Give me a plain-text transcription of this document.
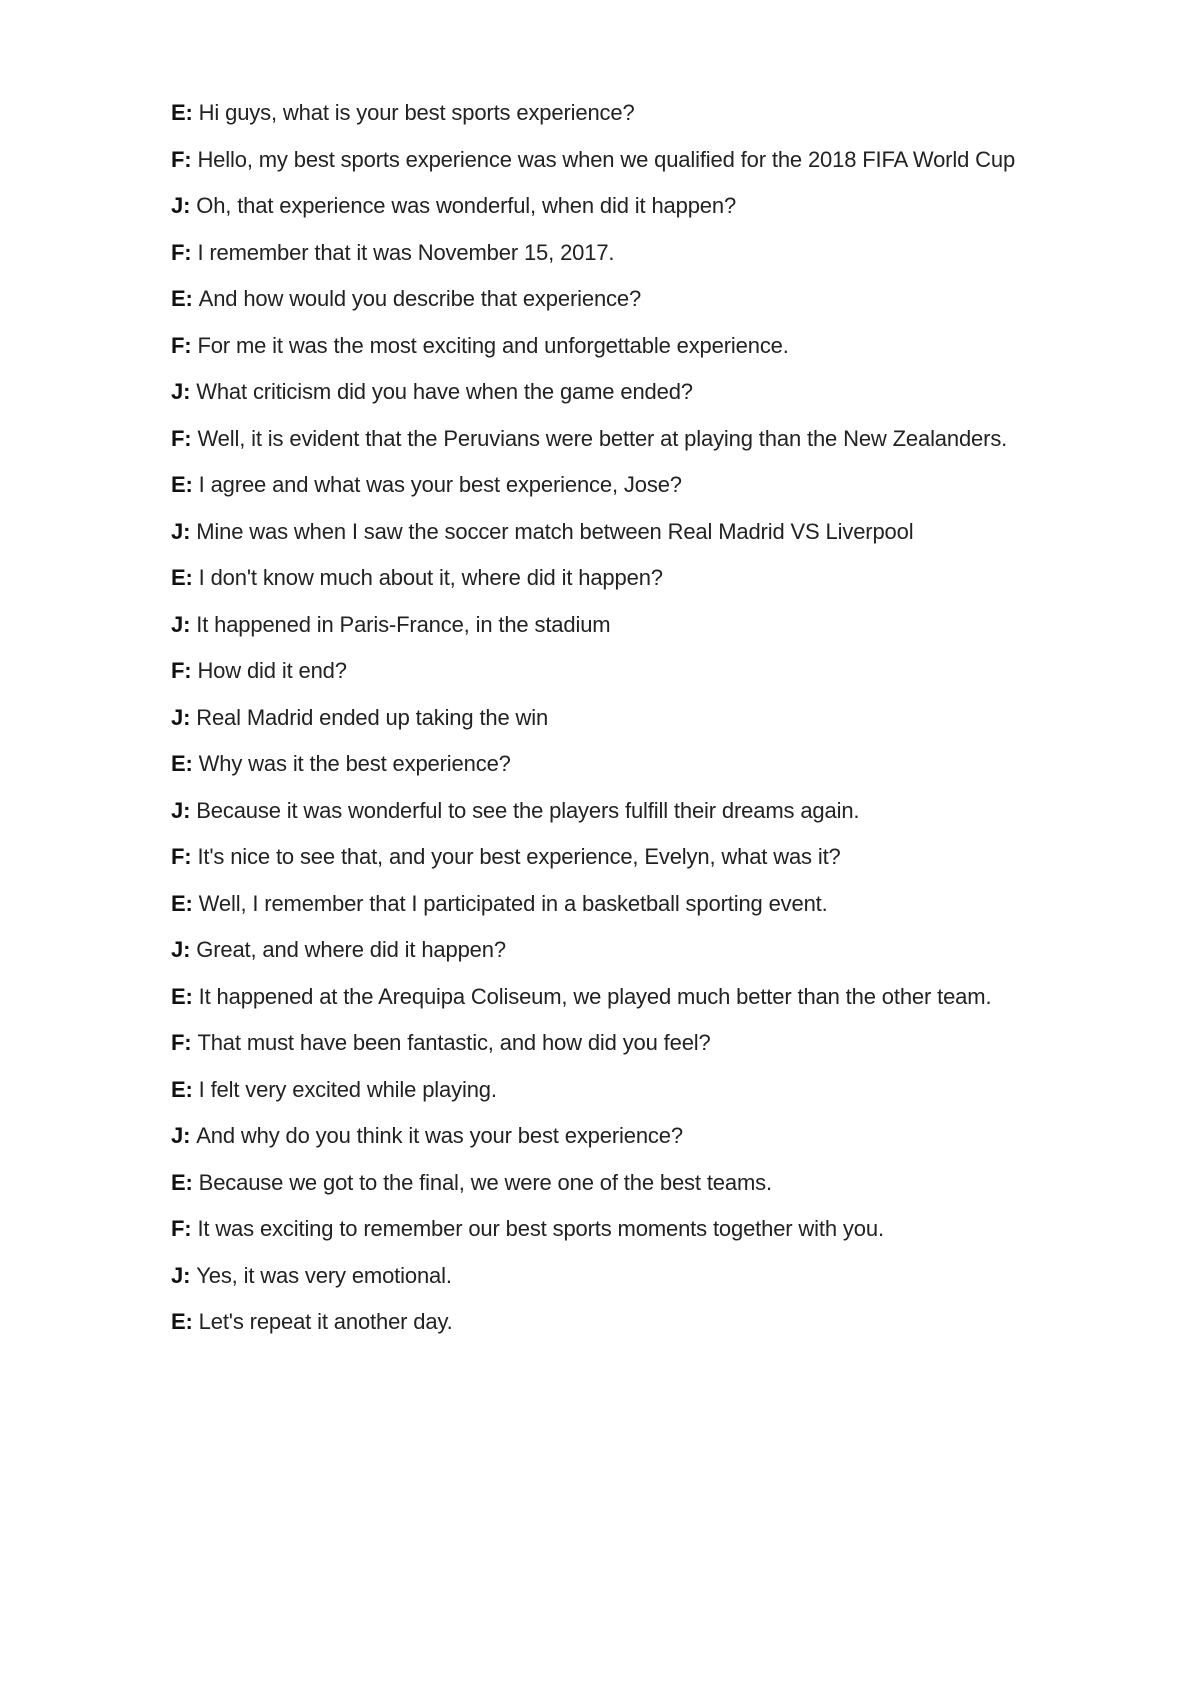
E: Hi guys, what is your best sports experience?

F: Hello, my best sports experience was when we qualified for the 2018 FIFA World Cup

J: Oh, that experience was wonderful, when did it happen?

F: I remember that it was November 15, 2017.

E: And how would you describe that experience?

F: For me it was the most exciting and unforgettable experience.

J: What criticism did you have when the game ended?

F: Well, it is evident that the Peruvians were better at playing than the New Zealanders.

E: I agree and what was your best experience, Jose?

J: Mine was when I saw the soccer match between Real Madrid VS Liverpool

E: I don't know much about it, where did it happen?

J: It happened in Paris-France, in the stadium

F: How did it end?

J: Real Madrid ended up taking the win

E: Why was it the best experience?

J: Because it was wonderful to see the players fulfill their dreams again.

F: It's nice to see that, and your best experience, Evelyn, what was it?

E: Well, I remember that I participated in a basketball sporting event.

J: Great, and where did it happen?

E: It happened at the Arequipa Coliseum, we played much better than the other team.

F: That must have been fantastic, and how did you feel?

E: I felt very excited while playing.

J: And why do you think it was your best experience?

E: Because we got to the final, we were one of the best teams.

F: It was exciting to remember our best sports moments together with you.

J: Yes, it was very emotional.

E: Let's repeat it another day.
